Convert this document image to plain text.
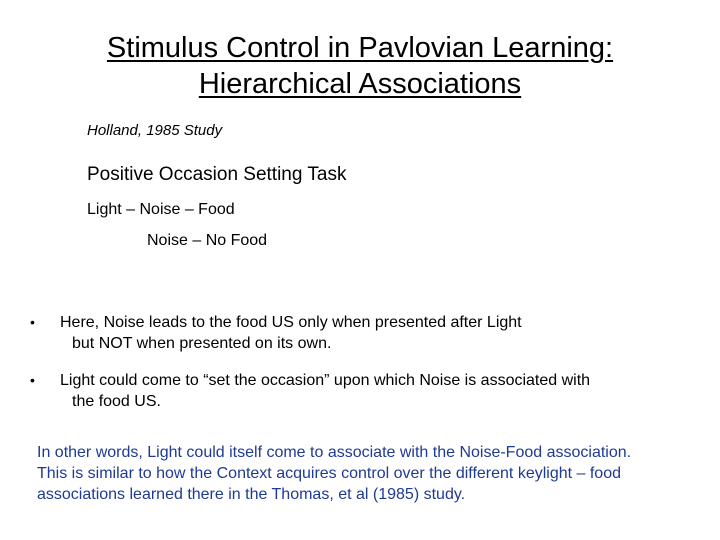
Stimulus Control in Pavlovian Learning:
Hierarchical Associations
Holland, 1985 Study
Positive Occasion Setting Task
Light – Noise – Food
Noise – No Food
• Here, Noise leads to the food US only when presented after Light
but NOT when presented on its own.
• Light could come to “set the occasion” upon which Noise is associated with
the food US.
In other words, Light could itself come to associate with the Noise-Food association.
This is similar to how the Context acquires control over the different keylight – food
associations learned there in the Thomas, et al (1985) study.
